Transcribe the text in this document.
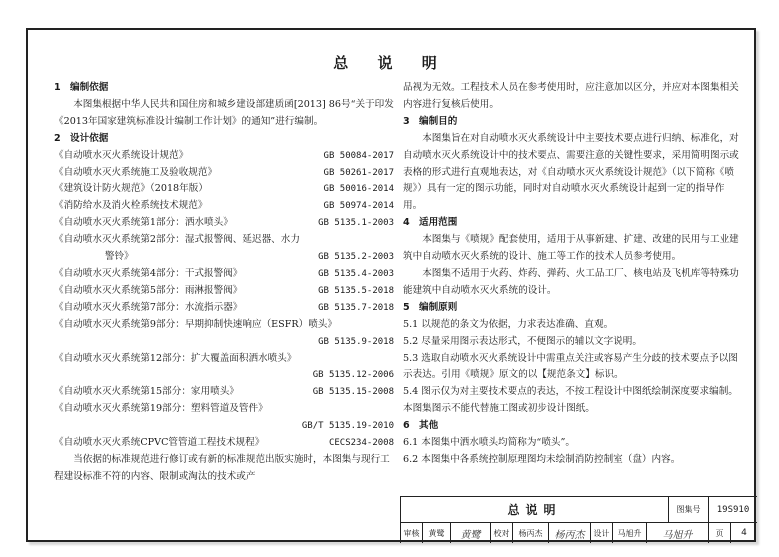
总 说 明
1 编制依据
本图集根据中华人民共和国住房和城乡建设部建质函[2013] 86号“关于印发《2013年国家建筑标准设计编制工作计划》的通知”进行编制。
2 设计依据
《自动喷水灭火系统设计规范》	GB 50084-2017
《自动喷水灭火系统施工及验收规范》	GB 50261-2017
《建筑设计防火规范》（2018年版）	GB 50016-2014
《消防给水及消火栓系统技术规范》	GB 50974-2014
《自动喷水灭火系统第1部分：洒水喷头》	GB 5135.1-2003
《自动喷水灭火系统第2部分：湿式报警阀、延迟器、水力
警铃》	GB 5135.2-2003
《自动喷水灭火系统第4部分：干式报警阀》	GB 5135.4-2003
《自动喷水灭火系统第5部分：雨淋报警阀》	GB 5135.5-2018
《自动喷水灭火系统第7部分：水流指示器》	GB 5135.7-2018
《自动喷水灭火系统第9部分：早期抑制快速响应（ESFR）喷头》
GB 5135.9-2018
《自动喷水灭火系统第12部分：扩大覆盖面积洒水喷头》
GB 5135.12-2006
《自动喷水灭火系统第15部分：家用喷头》	GB 5135.15-2008
《自动喷水灭火系统第19部分：塑料管道及管件》
GB/T 5135.19-2010
《自动喷水灭火系统CPVC管管道工程技术规程》	CECS234-2008
当依据的标准规范进行修订或有新的标准规范出版实施时，本图集与现行工程建设标准不符的内容、限制或淘汰的技术或产
品视为无效。工程技术人员在参考使用时，应注意加以区分，并应对本图集相关内容进行复核后使用。
3 编制目的
本图集旨在对自动喷水灭火系统设计中主要技术要点进行归纳、标准化，对自动喷水灭火系统设计中的技术要点、需要注意的关键性要求，采用简明图示或表格的形式进行直观地表达，对《自动喷水灭火系统设计规范》（以下简称《喷规》）具有一定的图示功能，同时对自动喷水灭火系统设计起到一定的指导作用。
4 适用范围
本图集与《喷规》配套使用，适用于从事新建、扩建、改建的民用与工业建筑中自动喷水灭火系统的设计、施工等工作的技术人员参考使用。
本图集不适用于火药、炸药、弹药、火工品工厂、核电站及飞机库等特殊功能建筑中自动喷水灭火系统的设计。
5 编制原则
5.1 以规范的条文为依据，力求表达准确、直观。
5.2 尽量采用图示表达形式，不便图示的辅以文字说明。
5.3 选取自动喷水灭火系统设计中需重点关注或容易产生分歧的技术要点予以图示表达。引用《喷规》原文的以【规范条文】标识。
5.4 图示仅为对主要技术要点的表达，不按工程设计中图纸绘制深度要求编制。本图集图示不能代替施工图或初步设计图纸。
6 其他
6.1 本图集中洒水喷头均简称为“喷头”。
6.2 本图集中各系统控制原理图均未绘制消防控制室（盘）内容。
总说明	图集号	19S910
审核	黄鹭	黄鹭	校对	杨丙杰	杨丙杰	设计	马旭升	马旭升	页	4
